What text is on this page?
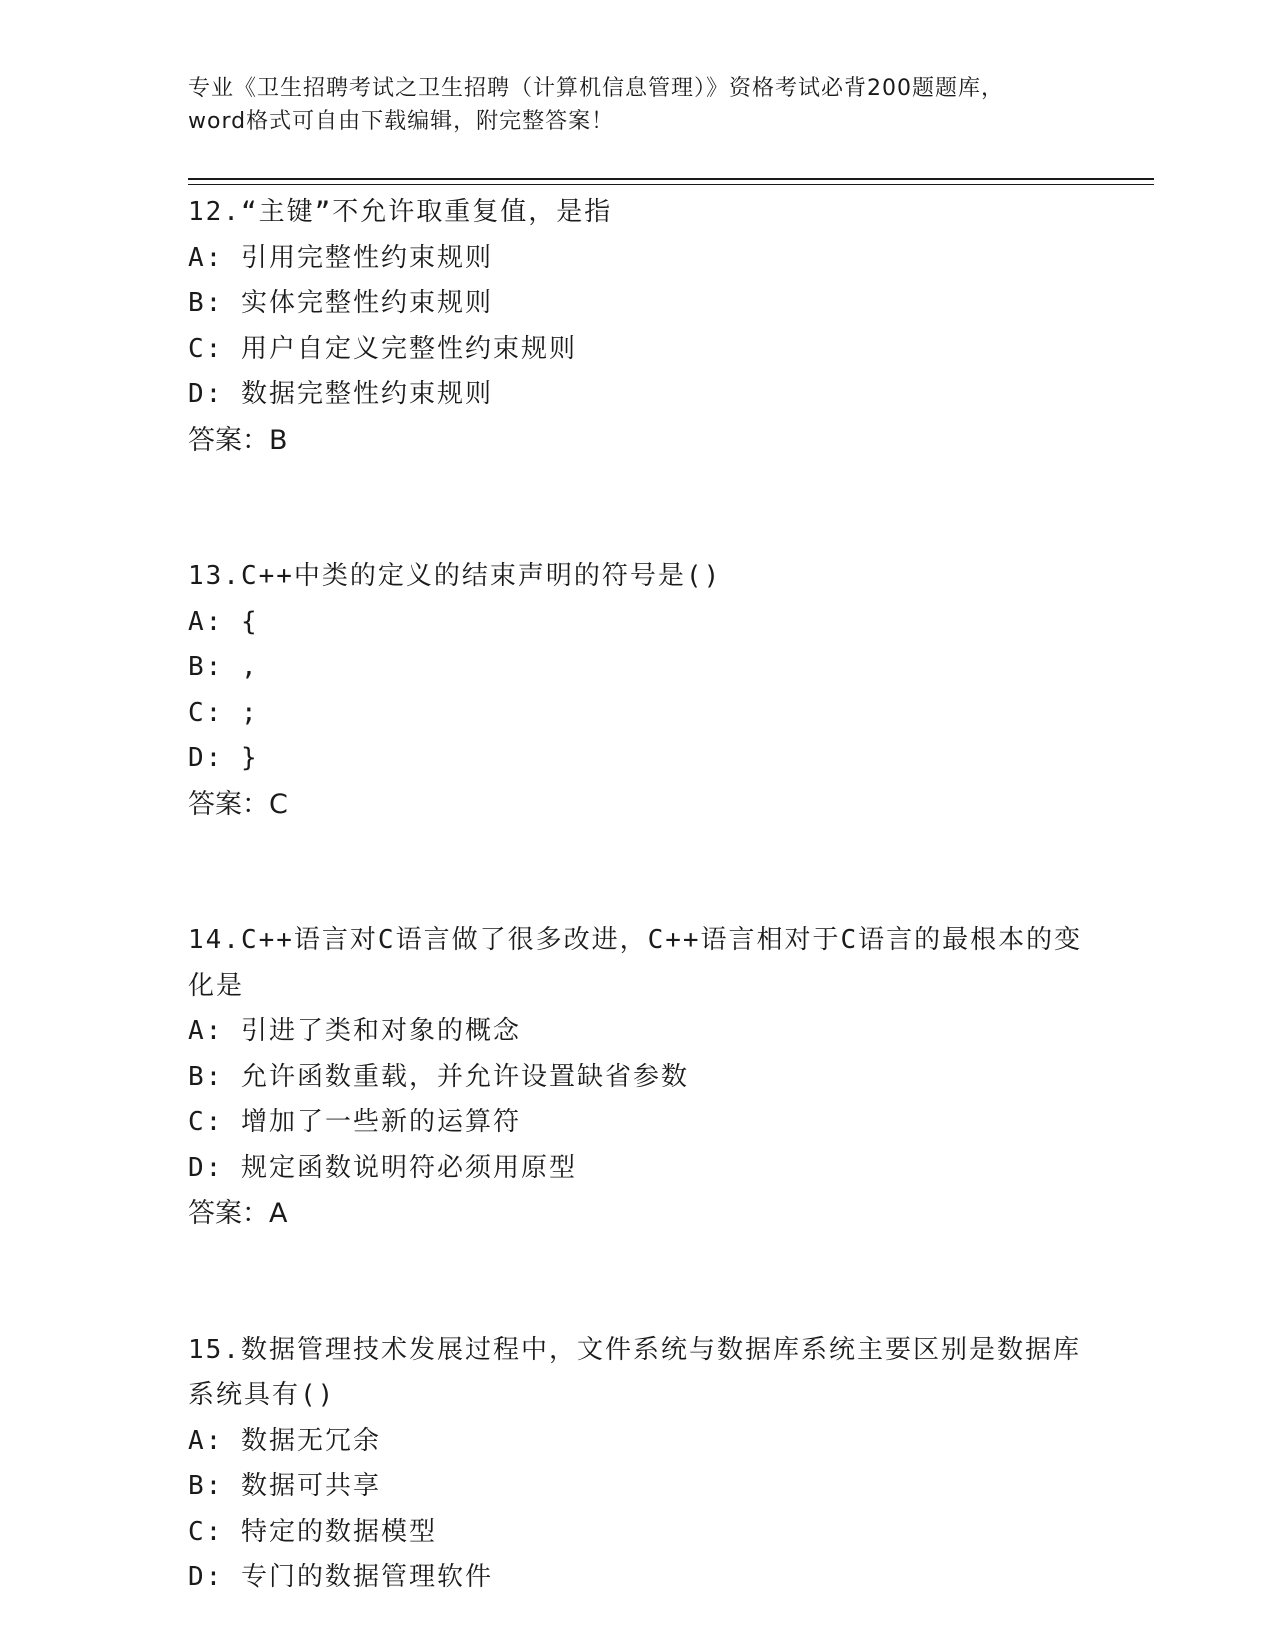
专业《卫生招聘考试之卫生招聘（计算机信息管理）》资格考试必背200题题库，
word格式可自由下载编辑，附完整答案！

12.“主键”不允许取重复值，是指

A: 引用完整性约束规则

B: 实体完整性约束规则

C: 用户自定义完整性约束规则

D: 数据完整性约束规则

答案：B

13.C++中类的定义的结束声明的符号是()

A: {

B: ,

C: ;

D: }

答案：C

14.C++语言对C语言做了很多改进，C++语言相对于C语言的最根本的变化是

A: 引进了类和对象的概念

B: 允许函数重载，并允许设置缺省参数

C: 增加了一些新的运算符

D: 规定函数说明符必须用原型

答案：A

15.数据管理技术发展过程中，文件系统与数据库系统主要区别是数据库系统具有()

A: 数据无冗余

B: 数据可共享

C: 特定的数据模型

D: 专门的数据管理软件
